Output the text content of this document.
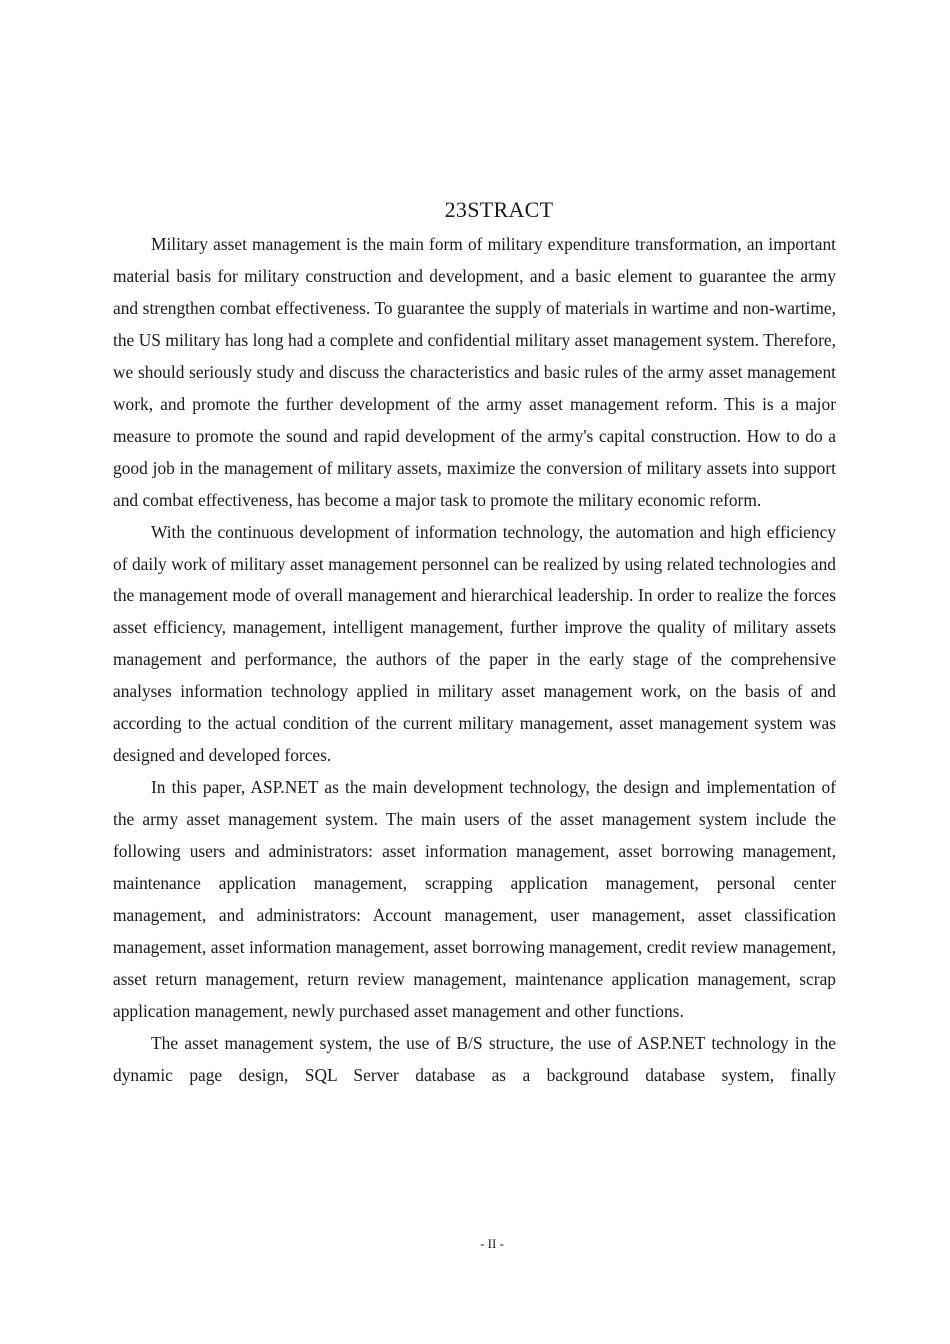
23STRACT

Military asset management is the main form of military expenditure transformation, an important material basis for military construction and development, and a basic element to guarantee the army and strengthen combat effectiveness. To guarantee the supply of materials in wartime and non-wartime, the US military has long had a complete and confidential military asset management system. Therefore, we should seriously study and discuss the characteristics and basic rules of the army asset management work, and promote the further development of the army asset management reform. This is a major measure to promote the sound and rapid development of the army's capital construction. How to do a good job in the management of military assets, maximize the conversion of military assets into support and combat effectiveness, has become a major task to promote the military economic reform.

With the continuous development of information technology, the automation and high efficiency of daily work of military asset management personnel can be realized by using related technologies and the management mode of overall management and hierarchical leadership. In order to realize the forces asset efficiency, management, intelligent management, further improve the quality of military assets management and performance, the authors of the paper in the early stage of the comprehensive analyses information technology applied in military asset management work, on the basis of and according to the actual condition of the current military management, asset management system was designed and developed forces.

In this paper, ASP.NET as the main development technology, the design and implementation of the army asset management system. The main users of the asset management system include the following users and administrators: asset information management, asset borrowing management, maintenance application management, scrapping application management, personal center management, and administrators: Account management, user management, asset classification management, asset information management, asset borrowing management, credit review management, asset return management, return review management, maintenance application management, scrap application management, newly purchased asset management and other functions.

The asset management system, the use of B/S structure, the use of ASP.NET technology in the dynamic page design, SQL Server database as a background database system, finally

- II -
